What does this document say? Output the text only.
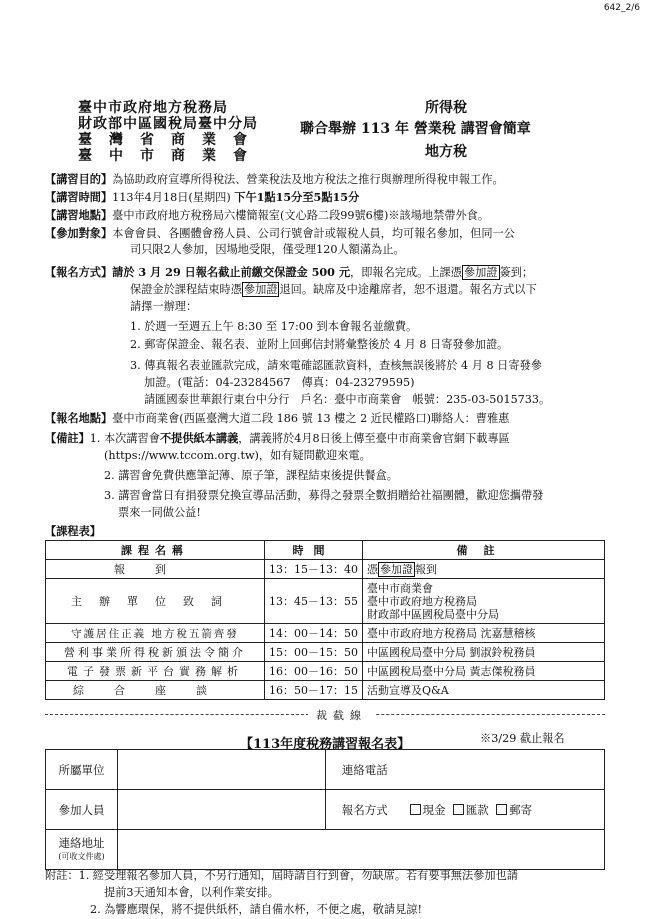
642_2/6
臺中市政府地方稅務局
財政部中區國稅局臺中分局
臺灣省商業會
臺中市商業會
聯合舉辦 113 年 營業稅 講習會簡章
所得稅
地方稅
【講習目的】為協助政府宣導所得稅法、營業稅法及地方稅法之推行與辦理所得稅申報工作。
【講習時間】113年4月18日(星期四) 下午1點15分至5點15分
【講習地點】臺中市政府地方稅務局六樓簡報室(文心路二段99號6樓)※該場地禁帶外食。
【參加對象】本會會員、各團體會務人員、公司行號會計或報稅人員，均可報名參加，但同一公
司只限2人參加，因場地受限，僅受理120人額滿為止。
【報名方式】請於 3 月 29 日報名截止前繳交保證金 500 元，即報名完成。上課憑 參加證 簽到；
保證金於課程結束時憑 參加證 退回。缺席及中途離席者，恕不退還。報名方式以下
請擇一辦理：
1. 於週一至週五上午 8:30 至 17:00 到本會報名並繳費。
2. 郵寄保證金、報名表、並附上回郵信封將彙整後於 4 月 8 日寄發參加證。
3. 傳真報名表並匯款完成，請來電確認匯款資料，查核無誤後將於 4 月 8 日寄發參
加證。(電話：04-23284567　傳真：04-23279595)
請匯國泰世華銀行東台中分行　戶名：臺中市商業會　帳號：235-03-5015733。
【報名地點】臺中市商業會(西區臺灣大道二段 186 號 13 樓之 2 近民權路口)聯絡人：曹雅惠
【備註】1. 本次講習會不提供紙本講義，講義將於4月8日後上傳至臺中市商業會官網下載專區
(https://www.tccom.org.tw)，如有疑問歡迎來電。
2. 講習會免費供應筆記薄、原子筆，課程結束後提供餐盒。
3. 講習會當日有捐發票兌換宣導品活動，募得之發票全數捐贈給社福團體，歡迎您攜帶發
票來一同做公益!
【課程表】
課程名稱	時間	備註
報到	13：15－13：40	憑 參加證 報到
主辦單位致詞	13：45－13：55	臺中市商業會
臺中市政府地方稅務局
財政部中區國稅局臺中分局

守護居住正義 地方稅五箭齊發	14：00－14：50	臺中市政府地方稅務局 沈嘉慧稽核
營利事業所得稅新頒法令簡介	15：00－15：50	中區國稅局臺中分局 劉淑鈴稅務員
電子發票新平台實務解析	16：00－16：50	中區國稅局臺中分局 黃志傑稅務員
綜合座談	16：50－17：15	活動宣導及Q&A
裁截線
【113年度稅務講習報名表】	※3/29 截止報名
所屬單位		連絡電話	
參加人員		報名方式	現金 匯款 郵寄

連絡地址
(可收文件處)			

附註：1. 經受理報名參加人員，不另行通知，屆時請自行到會，勿缺席。若有要事無法參加也請
提前3天通知本會，以利作業安排。
2. 為響應環保，將不提供紙杯，請自備水杯，不便之處，敬請見諒!
